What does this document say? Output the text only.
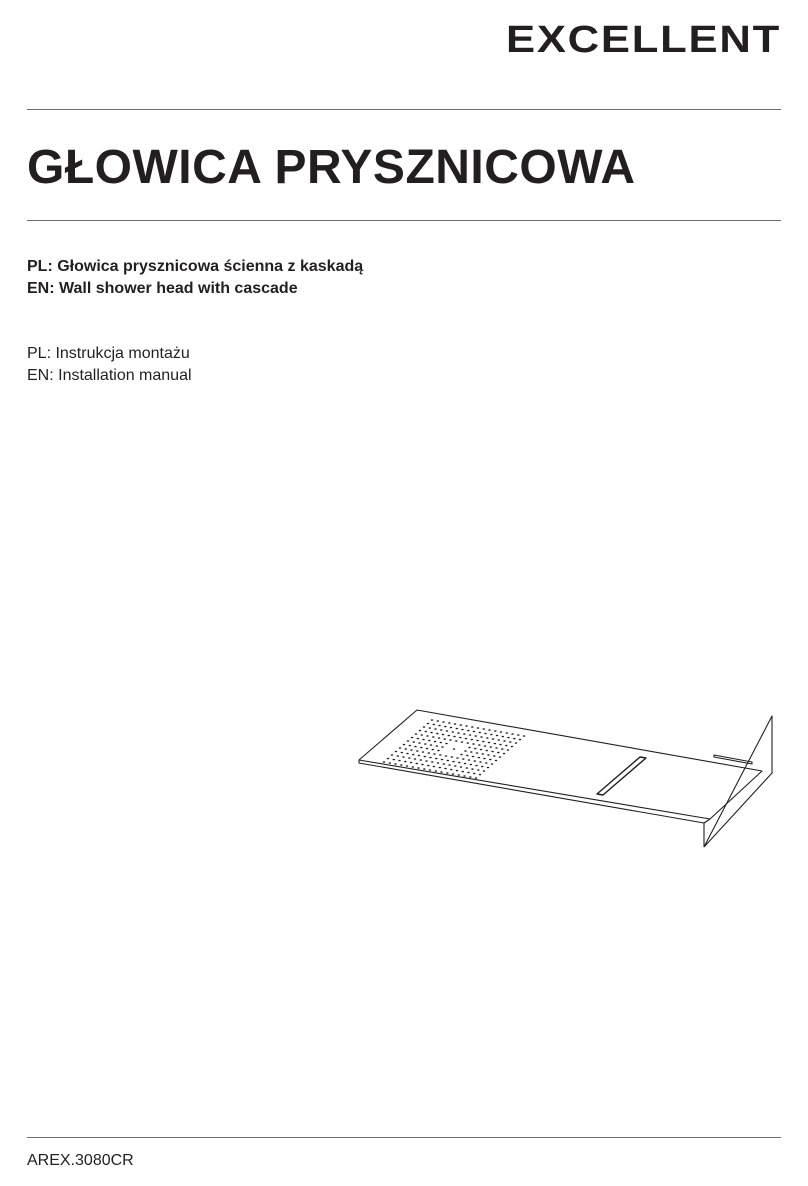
EXCELLENT
GŁOWICA PRYSZNICOWA
PL: Głowica prysznicowa ścienna z kaskadą
EN: Wall shower head with cascade
PL: Instrukcja montażu
EN: Installation manual
AREX.3080CR
